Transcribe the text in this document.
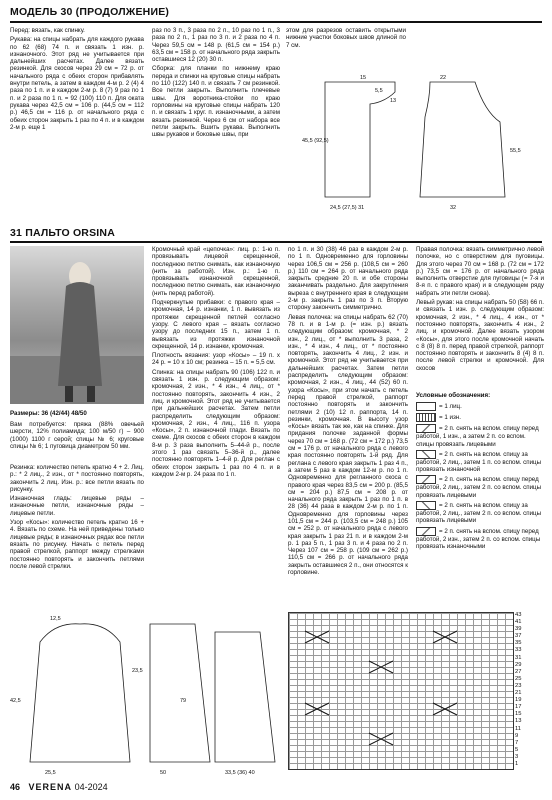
МОДЕЛЬ 30 (ПРОДОЛЖЕНИЕ)

Перед: вязать, как спинку.

Рукава: на спицы набрать для каждого рукава по 62 (68) 74 п. и связать 1 изн. р. изнаночного. Этот ряд не учитывается при дальнейших расчетах. Далее вязать резинкой. Для скосов через 29 см = 72 р. от начального ряда с обеих сторон прибавлять внутри петель, а затем в каждом 4-м р. 2 (4) 4 раза по 1 п. и в каждом 2-м р. 8 (7) 9 раз по 1 п. и 2 раза по 1 п. = 92 (100) 110 п. Для оката рукава через 42,5 см = 106 р. (44,5 см = 112 р.) 46,5 см = 116 р. от начального ряда с обеих сторон закрыть 1 раз по 4 п. и в каждом 2-м р. еще 1

раз по 3 п., 3 раза по 2 п., 10 раз по 1 п., 3 раза по 2 п., 1 раз по 3 п. и 2 раза по 4 п. Через 59,5 см = 148 р. (61,5 см = 154 р.) 63,5 см = 158 р. от начального ряда закрыть оставшиеся 12 (20) 30 п.

Сборка: для планки по нижнему краю переда и спинки на круговые спицы набрать по 110 (122) 140 п. и связать 7 см резинкой. Все петли закрыть. Выполнить плечевые швы. Для воротника-стойки по краю горловины на круговые спицы набрать 120 п. и связать 1 круг. п. изнаночными, а затем вязать резинкой. Через 6 см от набора все петли закрыть. Вшить рукава. Выполнить швы рукавов и боковые швы, при

этом для разрезов оставить открытыми нижние участки боковых швов длиной по 7 см.

15
5,5
13
45,5 (92,5)
24,5 (27,5) 31
22
55,5
32
31 ПАЛЬТО ORSINA
Размеры: 36 (42/44) 48/50
Вам потребуется: пряжа (88% овечьей шерсти, 12% полиамида; 100 м/50 г) – 900 (1000) 1100 г серой; спицы № 6; круговые спицы № 6; 1 пуговица диаметром 50 мм.

Резинка: количество петель кратно 4 + 2. Лиц. р.: * 2 лиц., 2 изн., от * постоянно повторять, закончить 2 лиц. Изн. р.: все петли вязать по рисунку.

Изнаночная гладь: лицевые ряды – изнаночные петли, изнаночные ряды – лицевые петли.

Узор «Косы»: количество петель кратно 16 + 4. Вязать по схеме. На ней приведены только лицевые ряды; в изнаночных рядах все петли вязать по рисунку. Начать с петель перед правой стрелкой, раппорт между стрелками постоянно повторять и закончить петлями после левой стрелки.

Кромочный край «цепочка»: лиц. р.: 1-ю п. провязывать лицевой скрещенной, последнюю петлю снимать, как изнаночную (нить за работой). Изн. р.: 1-ю п. провязывать изнаночной скрещенной, последнюю петлю снимать, как изнаночную (нить перед работой).

Подчеркнутые прибавки: с правого края – кромочная, 14 р. изнанки, 1 п. вывязать из протяжки скрещенной петлей согласно узору. С левого края – вязать согласно узору до последних 15 п., затем 1 п. вывязать из протяжки изнаночной скрещенной, 14 р. изнанки, кромочная.

Плотность вязания: узор «Косы» – 19 п. х 24 р. = 10 х 10 см; резинка – 15 п. = 5,5 см.

Спинка: на спицы набрать 90 (106) 122 п. и связать 1 изн. р. следующим образом: кромочная, 2 изн., * 4 изн., 4 лиц., от * постоянно повторять, закончить 4 изн., 2 лиц. и кромочной. Этот ряд не учитывается при дальнейших расчетах. Затем петли распределить следующим образом: кромочная, 2 изн., 4 лиц., 116 п. узора «Косы», 2 п. изнаночной глади. Вязать по схеме. Для скосов с обеих сторон в каждом 8-м р. 3 раза выполнить 5–44-й р., после этого 1 раз связать 5–36-й р., далее постоянно повторять 1–4-й р. Для реглан с обеих сторон закрыть 1 раз по 4 п. и в каждом 2-м р. 24 раза по 1 п.

по 1 п. и 30 (38) 46 раз в каждом 2-м р. по 1 п. Одновременно для горловины через 106,5 см = 256 р. (108,5 см = 260 р.) 110 см = 264 р. от начального ряда закрыть средние 20 п. и обе стороны заканчивать раздельно. Для закругления выреза с внутреннего края в следующем 2-м р. закрыть 1 раз по 3 п. Вторую сторону закончить симметрично.

Левая полочка: на спицы набрать 62 (70) 78 п. и в 1-м р. (= изн. р.) вязать следующим образом: кромочная, * 2 изн., 2 лиц., от * выполнить 3 раза, 2 изн., * 4 изн., 4 лиц., от * постоянно повторять, закончить 4 лиц., 2 изн. и кромочной. Этот ряд не учитывается при дальнейших расчетах. Затем петли распределить следующим образом: кромочная, 2 изн., 4 лиц., 44 (52) 60 п. узора «Косы», при этом начать с петель перед правой стрелкой, раппорт постоянно повторять и закончить петлями 2 (10) 12 п. раппорта, 14 п. резинки, кромочная. В высоту узор «Косы» вязать так же, как на спинке. Для придания полочке заданной формы через 70 см = 168 р. (72 см = 172 р.) 73,5 см = 176 р. от начального ряда с левого края постоянно повторять 1-й ряд. Для реглана с левого края закрыть 1 раз 4 п., а затем 5 раз в каждом 12-м р. по 1 п. Одновременно для регланного скоса с правого края через 83,5 см = 200 р. (85,5 см = 204 р.) 87,5 см = 208 р. от начального ряда закрыть 1 раз по 1 п. в 28 (36) 44 раза в каждом 2-м р. по 1 п. Одновременно для горловины через 101,5 см = 244 р. (103,5 см = 248 р.) 105 см = 252 р. от начального ряда с левого края закрыть 1 раз 21 п. и в каждом 2-м р. 1 раз 5 п., 1 раз 3 п. и 4 раза по 2 п. Через 107 см = 258 р. (109 см = 262 р.) 110,5 см = 266 р. от начального ряда закрыть оставшиеся 2 п., они относятся к горловине.

Правая полочка: вязать симметрично левой полочке, но с отверстием для пуговицы. Для этого через 70 см = 168 р. (72 см = 172 р.) 73,5 см = 176 р. от начального ряда выполнить отверстие для пуговицы (= 7-я и 8-я п. с правого края) и в следующем ряду набрать эти петли снова).

Левый рукав: на спицы набрать 50 (58) 66 п. и связать 1 изн. р. следующим образом: кромочная, 2 изн., * 4 лиц., 4 изн., от * постоянно повторять, закончить 4 изн., 2 лиц. и кромочной. Далее вязать узором «Косы», для этого после кромочной начать с 8 (8) 8 п. перед правой стрелкой, раппорт постоянно повторять и закончить 8 (4) 8 п. после левой стрелки и кромочной. Для скосов

Условные обозначения:
= 1 лиц.
= 1 изн.
= 2 п. снять на вспом. спицу перед работой, 1 изн., а затем 2 п. со вспом. спицы провязать лицевыми
= 2 п. снять на вспом. спицу за работой, 2 лиц., затем 1 п. со вспом. спицы провязать изнаночной
= 2 п. снять на вспом. спицу перед работой, 2 лиц., затем 2 п. со вспом. спицы провязать лицевыми
= 2 п. снять на вспом. спицу за работой, 2 лиц., затем 2 п. со вспом. спицы провязать лицевыми
= 2 п. снять на вспом. спицу перед работой, 2 изн., затем 2 п. со вспом. спицы провязать изнаночными
12,5
25,5
42,5
23,5
50
79
33,5 (36) 40
43
41
39
37
35
33
31
29
27
25
23
21
19
17
15
13
11
9
7
5
3
1
46 VERENA 04-2024
